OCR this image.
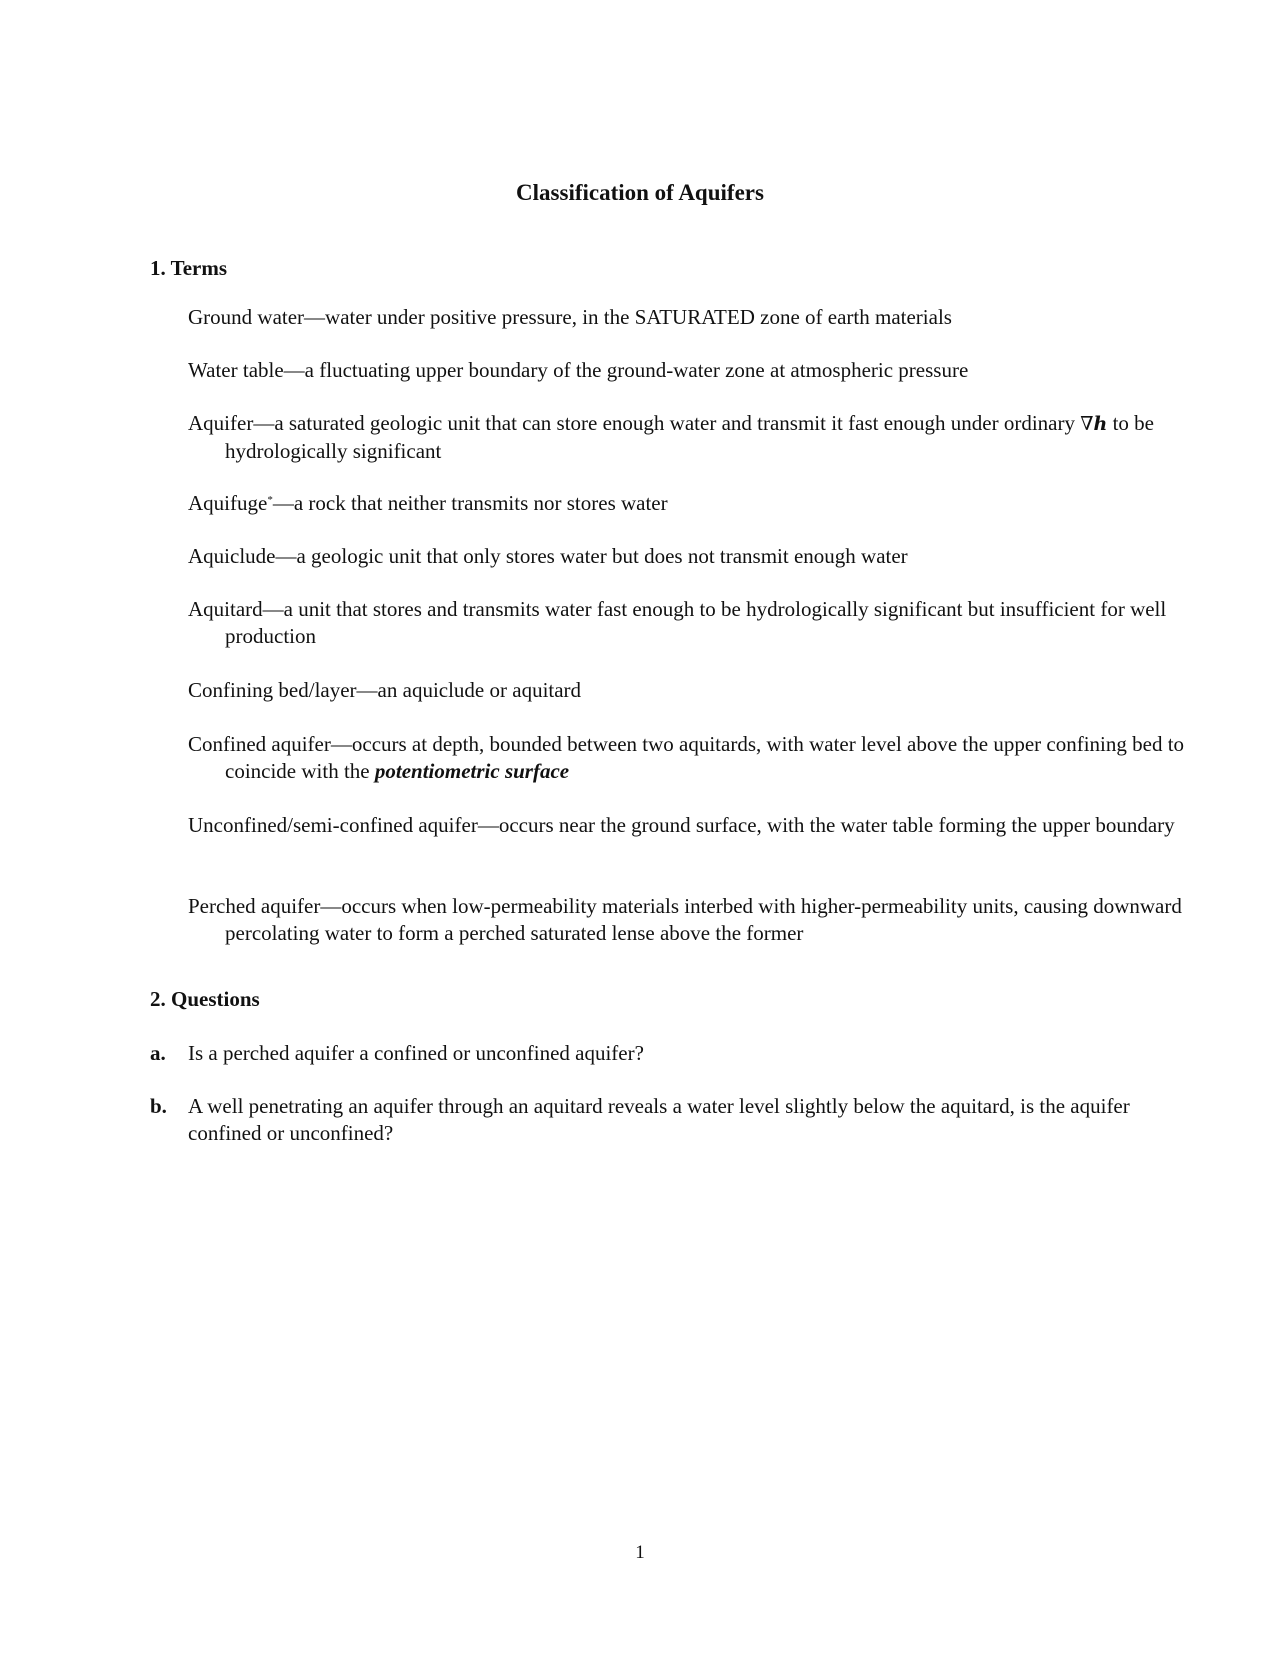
Classification of Aquifers
1. Terms
Ground water—water under positive pressure, in the SATURATED zone of earth materials
Water table—a fluctuating upper boundary of the ground-water zone at atmospheric pressure
Aquifer—a saturated geologic unit that can store enough water and transmit it fast enough under ordinary ∇h to be hydrologically significant
Aquifuge*—a rock that neither transmits nor stores water
Aquiclude—a geologic unit that only stores water but does not transmit enough water
Aquitard—a unit that stores and transmits water fast enough to be hydrologically significant but insufficient for well production
Confining bed/layer—an aquiclude or aquitard
Confined aquifer—occurs at depth, bounded between two aquitards, with water level above the upper confining bed to coincide with the potentiometric surface
Unconfined/semi-confined aquifer—occurs near the ground surface, with the water table forming the upper boundary
Perched aquifer—occurs when low-permeability materials interbed with higher-permeability units, causing downward percolating water to form a perched saturated lense above the former
2. Questions
a. Is a perched aquifer a confined or unconfined aquifer?
b. A well penetrating an aquifer through an aquitard reveals a water level slightly below the aquitard, is the aquifer confined or unconfined?
1
